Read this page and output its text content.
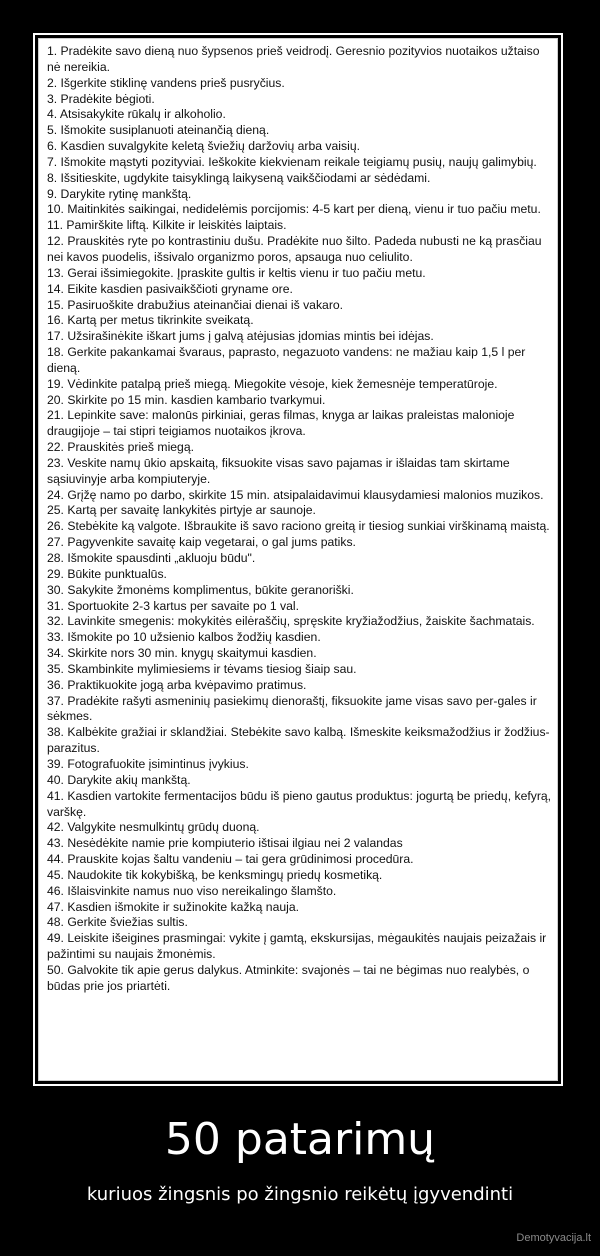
1. Pradėkite savo dieną nuo šypsenos prieš veidrodį. Geresnio pozityvios nuotaikos užtaiso nė nereikia.
2. Išgerkite stiklinę vandens prieš pusryčius.
3. Pradėkite bėgioti.
4. Atsisakykite rūkalų ir alkoholio.
5. Išmokite susiplanuoti ateinančią dieną.
6. Kasdien suvalgykite keletą šviežių daržovių arba vaisių.
7. Išmokite mąstyti pozityviai. Ieškokite kiekvienam reikale teigiamų pusių, naujų galimybių.
8. Išsitieskite, ugdykite taisyklingą laikyseną vaikščiodami ar sėdėdami.
9. Darykite rytinę mankštą.
10. Maitinkitės saikingai, nedidelėmis porcijomis: 4-5 kart per dieną, vienu ir tuo pačiu metu.
11. Pamirškite liftą. Kilkite ir leiskitės laiptais.
12. Prauskitės ryte po kontrastiniu dušu. Pradėkite nuo šilto. Padeda nubusti ne ką prasčiau nei kavos puodelis, išsivalo organizmo poros, apsauga nuo celiulito.
13. Gerai išsimiegokite. Įpraskite gultis ir keltis vienu ir tuo pačiu metu.
14. Eikite kasdien pasivaikščioti gryname ore.
15. Pasiruoškite drabužius ateinančiai dienai iš vakaro.
16. Kartą per metus tikrinkite sveikatą.
17. Užsirašinėkite iškart jums į galvą atėjusias įdomias mintis bei idėjas.
18. Gerkite pakankamai švaraus, paprasto, negazuoto vandens: ne mažiau kaip 1,5 l per dieną.
19. Vėdinkite patalpą prieš miegą. Miegokite vėsoje, kiek žemesnėje temperatūroje.
20. Skirkite po 15 min. kasdien kambario tvarkymui.
21. Lepinkite save: malonūs pirkiniai, geras filmas, knyga ar laikas praleistas malonioje draugijoje – tai stipri teigiamos nuotaikos įkrova.
22. Prauskitės prieš miegą.
23. Veskite namų ūkio apskaitą, fiksuokite visas savo pajamas ir išlaidas tam skirtame sąsiuvinyje arba kompiuteryje.
24. Grįžę namo po darbo, skirkite 15 min. atsipalaidavimui klausydamiesi malonios muzikos.
25. Kartą per savaitę lankykitės pirtyje ar saunoje.
26. Stebėkite ką valgote. Išbraukite iš savo raciono greitą ir tiesiog sunkiai virškinamą maistą.
27. Pagyvenkite savaitę kaip vegetarai, o gal jums patiks.
28. Išmokite spausdinti „akluoju būdu".
29. Būkite punktualūs.
30. Sakykite žmonėms komplimentus, būkite geranoriški.
31. Sportuokite 2-3 kartus per savaite po 1 val.
32. Lavinkite smegenis: mokykitės eilėraščių, spręskite kryžiažodžius, žaiskite šachmatais.
33. Išmokite po 10 užsienio kalbos žodžių kasdien.
34. Skirkite nors 30 min. knygų skaitymui kasdien.
35. Skambinkite mylimiesiems ir tėvams tiesiog šiaip sau.
36. Praktikuokite jogą arba kvėpavimo pratimus.
37. Pradėkite rašyti asmeninių pasiekimų dienoraštį, fiksuokite jame visas savo per-gales ir sėkmes.
38. Kalbėkite gražiai ir sklandžiai. Stebėkite savo kalbą. Išmeskite keiksmažodžius ir žodžius-parazitus.
39. Fotografuokite įsimintinus įvykius.
40. Darykite akių mankštą.
41. Kasdien vartokite fermentacijos būdu iš pieno gautus produktus: jogurtą be priedų, kefyrą, varškę.
42. Valgykite nesmulkintų grūdų duoną.
43. Nesėdėkite namie prie kompiuterio ištisai ilgiau nei 2 valandas
44. Prauskite kojas šaltu vandeniu – tai gera grūdinimosi procedūra.
45. Naudokite tik kokybišką, be kenksmingų priedų kosmetiką.
46. Išlaisvinkite namus nuo viso nereikalingo šlamšto.
47. Kasdien išmokite ir sužinokite kažką nauja.
48. Gerkite šviežias sultis.
49. Leiskite išeigines prasmingai: vykite į gamtą, ekskursijas, mėgaukitės naujais peizažais ir pažintimi su naujais žmonėmis.
50. Galvokite tik apie gerus dalykus. Atminkite: svajonės – tai ne bėgimas nuo realybės, o būdas prie jos priartėti.
50 patarimų

kuriuos žingsnis po žingsnio reikėtų įgyvendinti

Demotyvacija.lt
